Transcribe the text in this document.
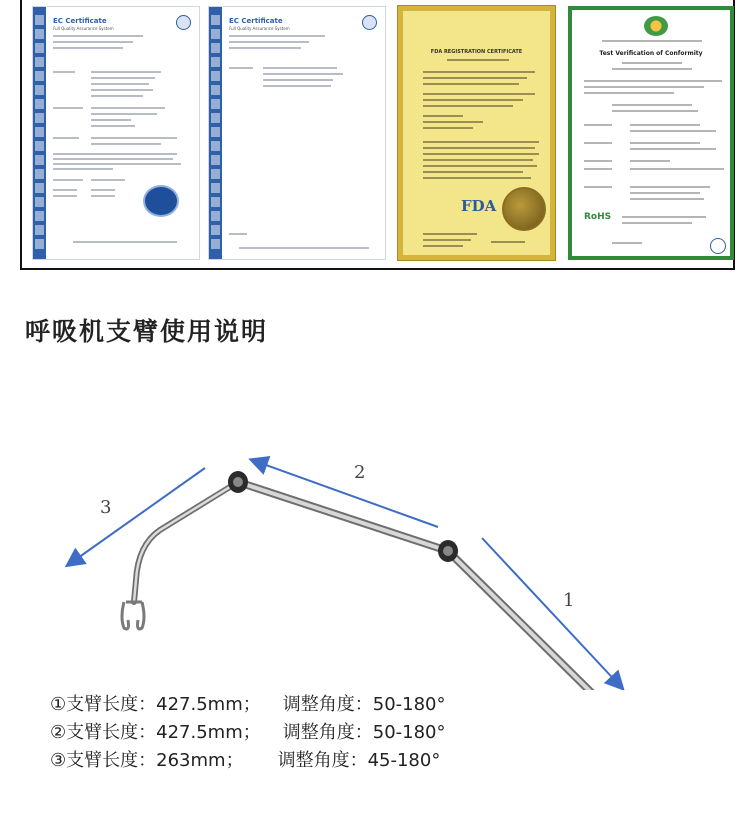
EC Certificate
Full Quality Assurance System
EC Certificate
Full Quality Assurance System
FDA REGISTRATION CERTIFICATE
FDA
Test Verification of Conformity
RoHS
呼吸机支臂使用说明
1
2
3
①支臂长度：427.5mm； 调整角度：50-180°
②支臂长度：427.5mm； 调整角度：50-180°
③支臂长度：263mm； 调整角度：45-180°
